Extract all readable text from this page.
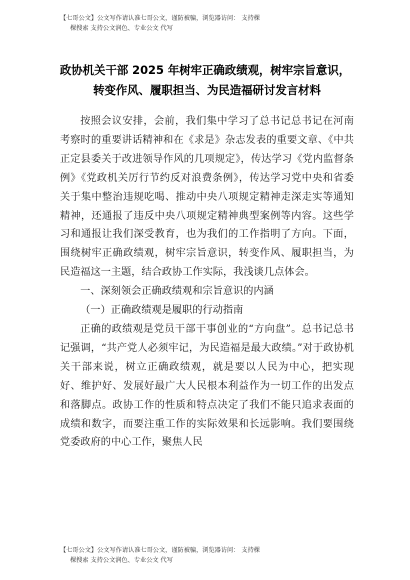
【七哥公文】公文写作请认准七哥公文，谨防被骗，浏览器访问： 支持棵
棵搜索 支持公文润色、专业公文 代写
政协机关干部 2025 年树牢正确政绩观，树牢宗旨意识，
转变作风、履职担当、为民造福研讨发言材料

按照会议安排，会前，我们集中学习了总书记总书记在河南考察时的重要讲话精神和在《求是》杂志发表的重要文章、《中共正定县委关于改进领导作风的几项规定》，传达学习《党内监督条例》《党政机关厉行节约反对浪费条例》，传达学习党中央和省委关于集中整治违规吃喝、推动中央八项规定精神走深走实等通知精神，还通报了违反中央八项规定精神典型案例等内容。这些学习和通报让我们深受教育，也为我们的工作指明了方向。下面，围绕树牢正确政绩观，树牢宗旨意识，转变作风、履职担当，为民造福这一主题，结合政协工作实际，我浅谈几点体会。

一、深刻领会正确政绩观和宗旨意识的内涵

（一）正确政绩观是履职的行动指南

正确的政绩观是党员干部干事创业的“方向盘”。总书记总书记强调，“共产党人必须牢记，为民造福是最大政绩。”对于政协机关干部来说，树立正确政绩观，就是要以人民为中心，把实现好、维护好、发展好最广大人民根本利益作为一切工作的出发点和落脚点。政协工作的性质和特点决定了我们不能只追求表面的成绩和数字，而要注重工作的实际效果和长远影响。我们要围绕党委政府的中心工作，聚焦人民

【七哥公文】公文写作请认准七哥公文，谨防被骗，浏览器访问： 支持棵
棵搜索 支持公文润色、专业公文 代写
